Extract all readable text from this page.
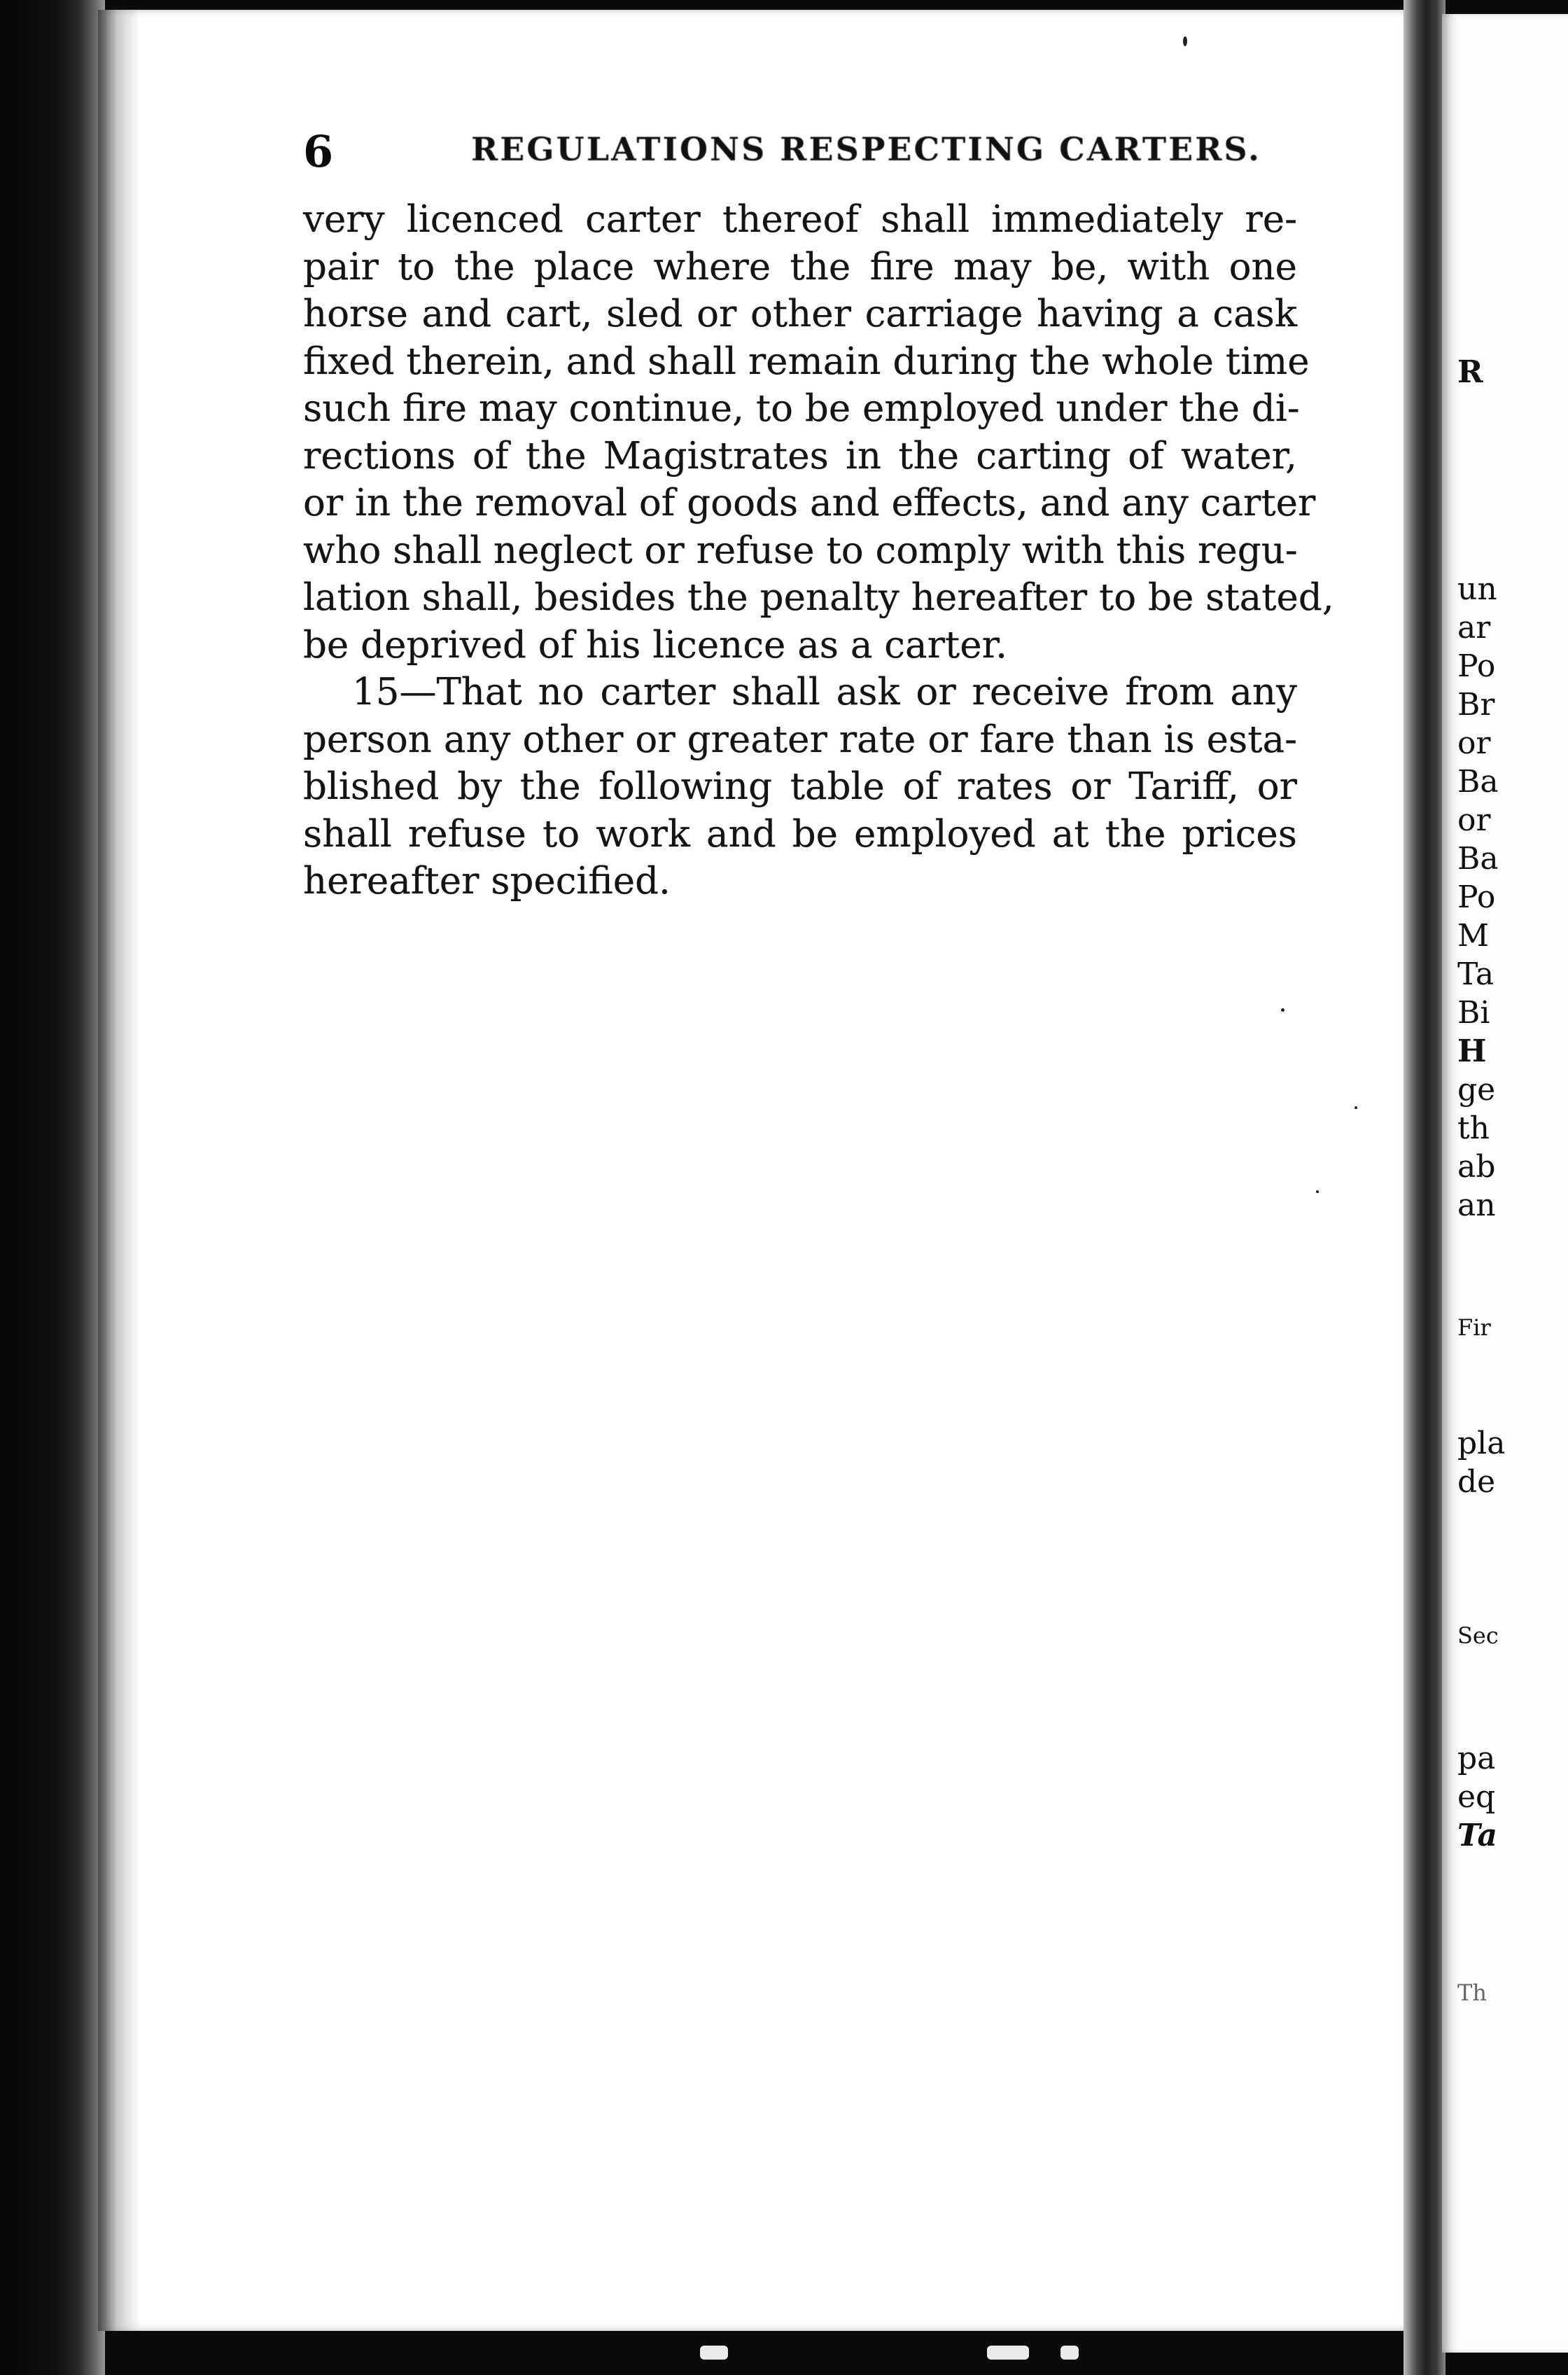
6	REGULATIONS RESPECTING CARTERS.
very licenced carter thereof shall immediately re-
pair to the place where the fire may be, with one
horse and cart, sled or other carriage having a cask
fixed therein, and shall remain during the whole time
such fire may continue, to be employed under the di-
rections of the Magistrates in the carting of water,
or in the removal of goods and effects, and any carter
who shall neglect or refuse to comply with this regu-
lation shall, besides the penalty hereafter to be stated,
be deprived of his licence as a carter.
15—That no carter shall ask or receive from any
person any other or greater rate or fare than is esta-
blished by the following table of rates or Tariff, or
shall refuse to work and be employed at the prices
hereafter specified.
R
un
ar
Po
Br
or
Ba
or
Ba
Po
M
Ta
Bi
H
ge
th
ab
an
Fir
pla
de
Sec
pa
eq
Ta
Th
